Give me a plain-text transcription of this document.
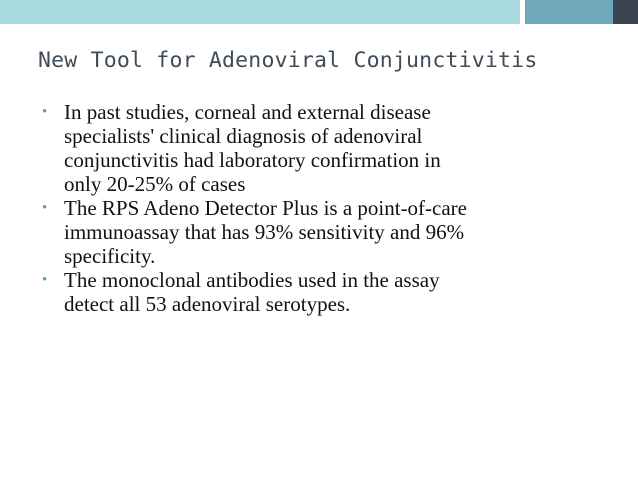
New Tool for Adenoviral Conjunctivitis
• In past studies, corneal and external disease
specialists' clinical diagnosis of adenoviral
conjunctivitis had laboratory confirmation in
only 20-25% of cases
• The RPS Adeno Detector Plus is a point-of-care
immunoassay that has 93% sensitivity and 96%
specificity.
• The monoclonal antibodies used in the assay
detect all 53 adenoviral serotypes.
